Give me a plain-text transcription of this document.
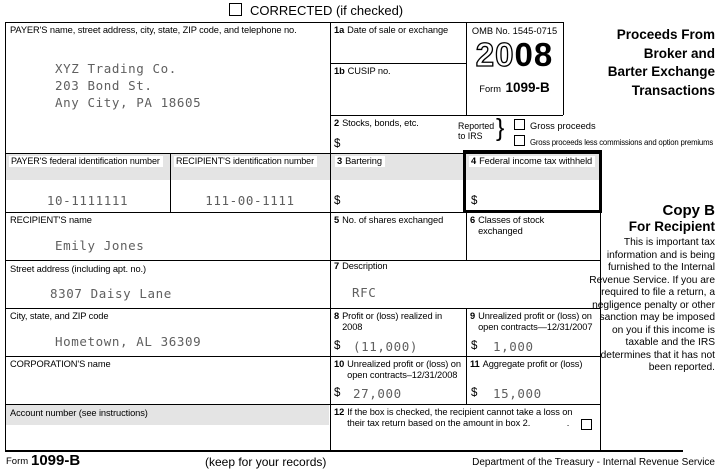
CORRECTED (if checked)
PAYER'S name, street address, city, state, ZIP code, and telephone no.
XYZ Trading Co.
203 Bond St.
Any City, PA 18605
1a Date of sale or exchange
1b CUSIP no.
OMB No. 1545-0715
2008
Form 1099-B
Proceeds From
Broker and
Barter Exchange
Transactions
2 Stocks, bonds, etc.
$
Reported
to IRS }	Gross proceeds
Gross proceeds less commissions and option premiums
PAYER'S federal identification number	RECIPIENT'S identification number
10-1111111	111-00-1111
3 Bartering
$
4 Federal income tax withheld
$
RECIPIENT'S name
Emily Jones
5 No. of shares exchanged	6 Classes of stock exchanged
Street address (including apt. no.)
8307 Daisy Lane
7 Description
RFC
City, state, and ZIP code
Hometown, AL 36309
8 Profit or (loss) realized in 2008
$ (11,000)
9 Unrealized profit or (loss) on open contracts—12/31/2007
$ 1,000
CORPORATION'S name	10 Unrealized profit or (loss) on open contracts–12/31/2008
$ 27,000
11 Aggregate profit or (loss)
$ 15,000
Account number (see instructions)	12 If the box is checked, the recipient cannot take a loss on their tax return based on the amount in box 2.      .
Copy B
For Recipient
This is important tax information and is being furnished to the Internal Revenue Service. If you are required to file a return, a negligence penalty or other sanction may be imposed on you if this income is taxable and the IRS determines that it has not been reported.
Form 1099-B	(keep for your records)	Department of the Treasury - Internal Revenue Service
